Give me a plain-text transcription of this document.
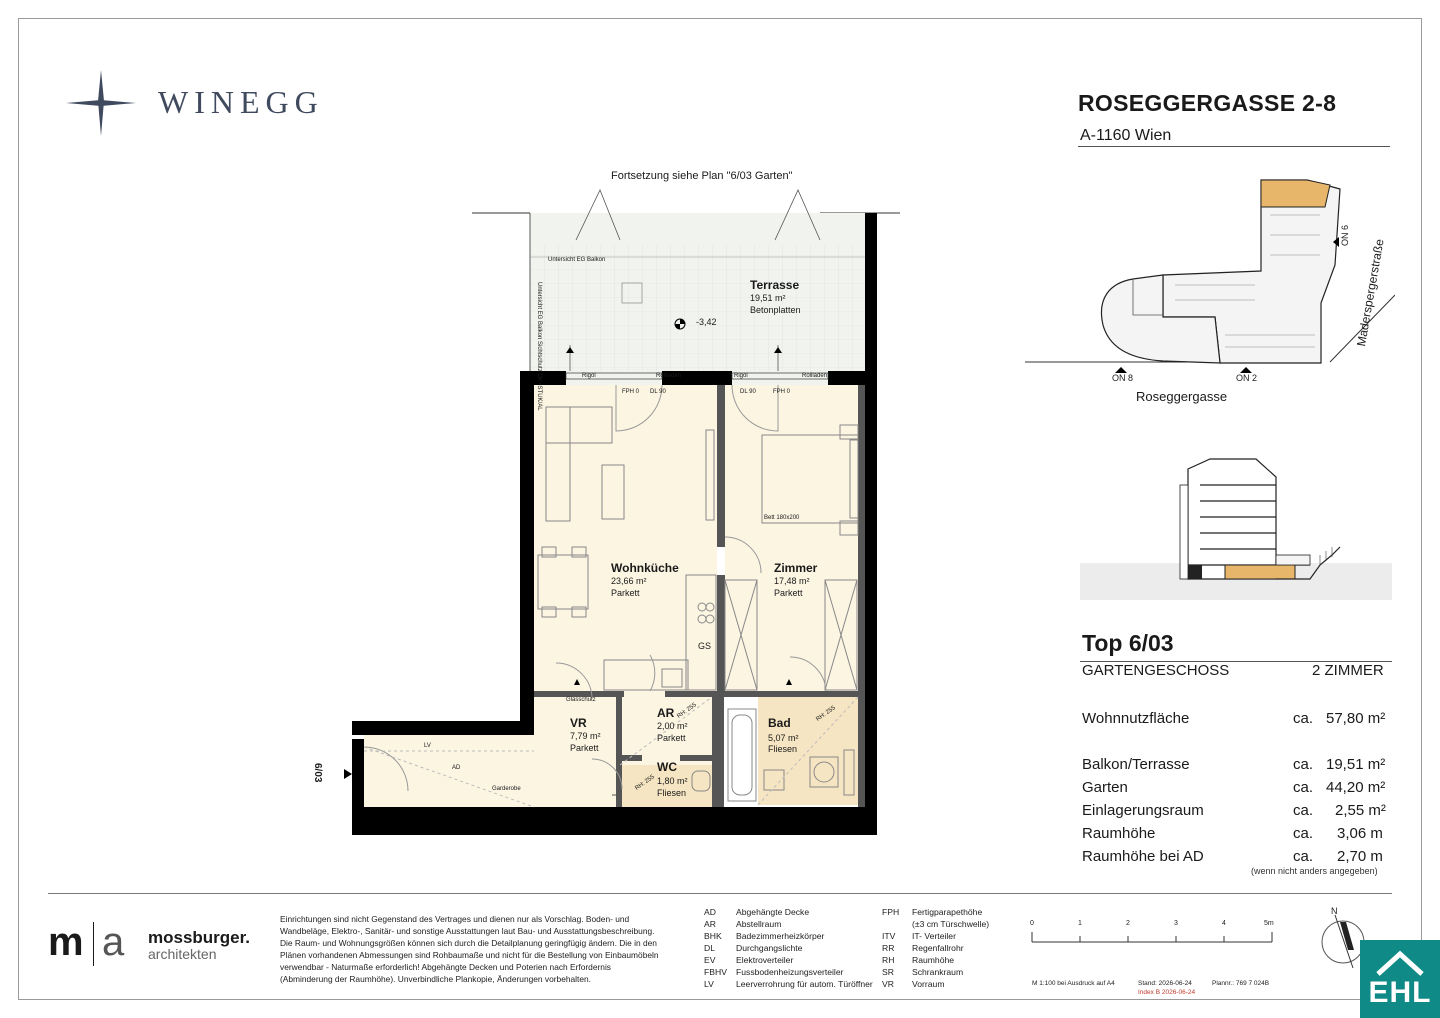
WINEGG	ROSEGGERGASSE 2-8
A-1160 Wien
ON 8	ON 2
ON 6
Roseggergasse
Maderspergerstraße
Top 6/03
GARTENGESCHOSS	2 ZIMMER
Wohnnutzfläche	ca. 57,80 m²
Balkon/Terrasse	ca. 19,51 m²
Garten	ca. 44,20 m²
Einlagerungsraum	ca. 2,55 m²
Raumhöhe	ca. 3,06 m
Raumhöhe bei AD	ca. 2,70 m
(wenn nicht anders angegeben)
Fortsetzung siehe Plan "6/03 Garten"
Untersicht EG Balkon
Untersicht EG Balkon Sichtschutz OK=STUK/AL	Terrasse
19,51 m²
Betonplatten
-3,42
Rigol	Rollladen	Rigol	Rollladen
FPH 0 DL 90	DL 90	FPH 0
Wohnküche
23,66 m²
Parkett
Zimmer
17,48 m²
Parkett
Bett 180x200
AR
2,00 m²
Parkett
VR
7,79 m²
Parkett
Bad
5,07 m²
Fliesen
WC
1,80 m²
Fliesen
GS
Garderobe
Glasschutz
AD
LV
RH: 255
RH: 255
RH: 255
6/03
m a mossburger.
architekten
Einrichtungen sind nicht Gegenstand des Vertrages und dienen nur als Vorschlag. Boden- und Wandbeläge, Elektro-, Sanitär- und sonstige Ausstattungen laut Bau- und Ausstattungsbeschreibung. Die Raum- und Wohnungsgrößen können sich durch die Detailplanung geringfügig ändern. Die in den Plänen vorhandenen Abmessungen sind Rohbaumaße und nicht für die Bestellung von Einbaumöbeln verwendbar - Naturmaße erforderlich! Abgehängte Decken und Poterien nach Erfordernis (Abminderung der Raumhöhe). Unverbindliche Plankopie, Änderungen vorbehalten.
AD Abgehängte Decke
AR Abstellraum
BHK Badezimmerheizkörper
DL Durchgangslichte
EV Elektroverteiler
FBHV Fussbodenheizungsverteiler
LV	Leerverrohrung für autom. Türöffner
FPH Fertigparapethöhe
(±3 cm Türschwelle)
ITV IT- Verteiler
RR Regenfallrohr
RH Raumhöhe
SR Schrankraum
VR Vorraum
0	1	2	3	4	5m
M 1:100 bei Ausdruck auf A4	Stand: 2026-06-24
Index B 2026-06-24
Plannr.: 769 7 024B
N
EHL
